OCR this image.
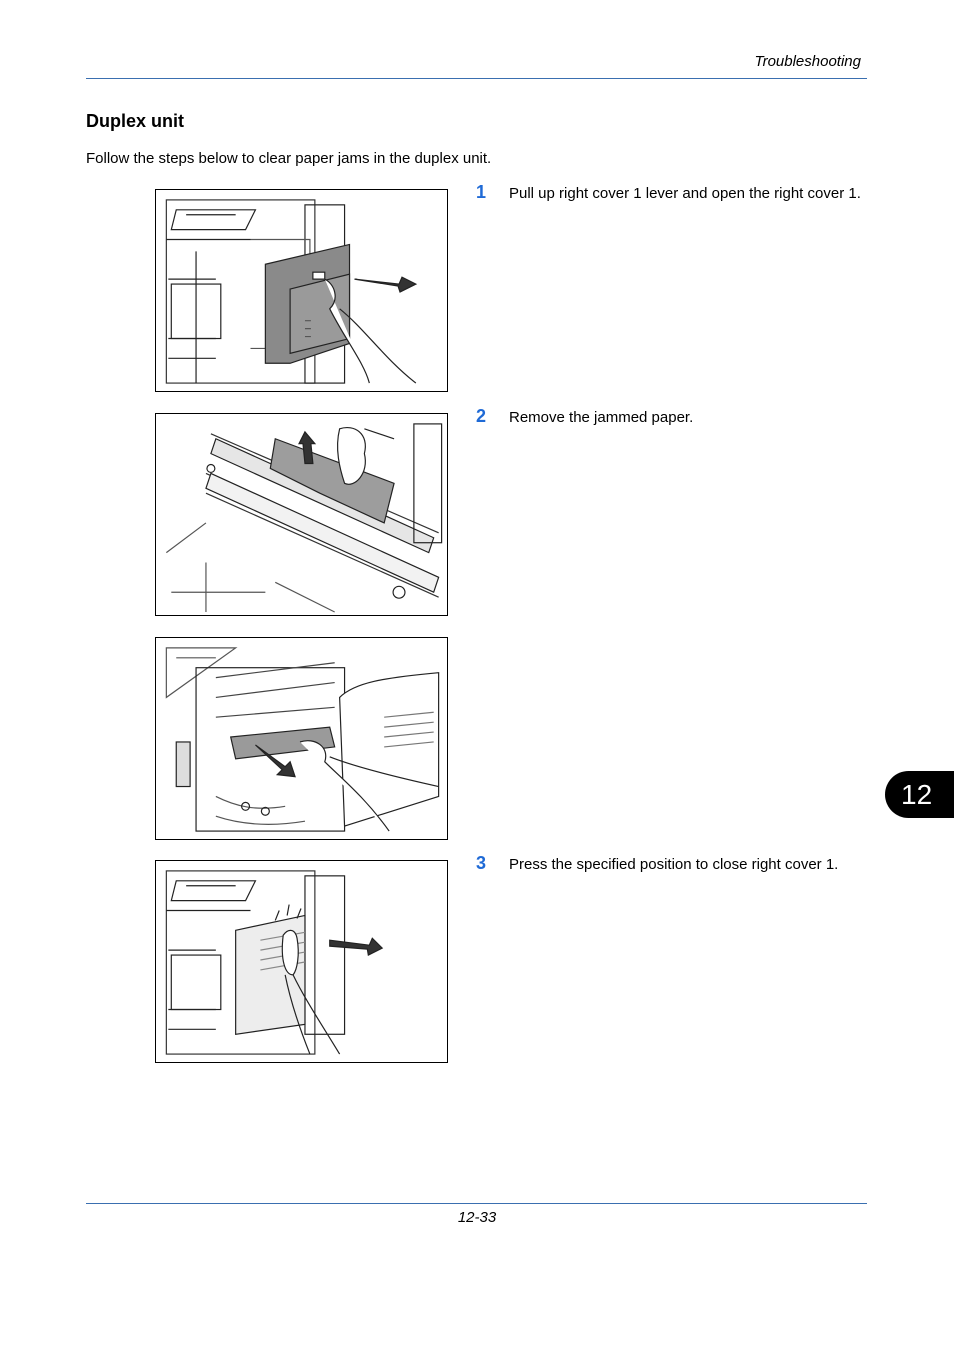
Troubleshooting
Duplex unit
Follow the steps below to clear paper jams in the duplex unit.
1 Pull up right cover 1 lever and open the right cover 1.
2 Remove the jammed paper.
3 Press the specified position to close right cover 1.
12
12-33
